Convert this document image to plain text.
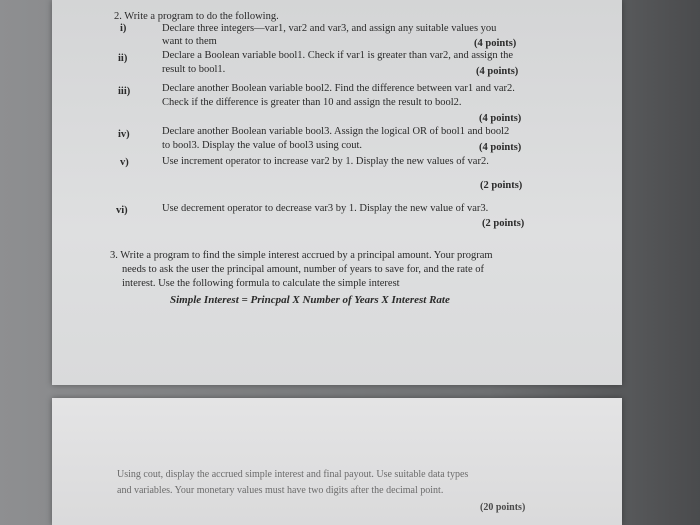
2. Write a program to do the following.
i)	Declare three integers—var1, var2 and var3, and assign any suitable values you
want to them	(4 points)
ii)	Declare a Boolean variable bool1. Check if var1 is greater than var2, and assign the
result to bool1.	(4 points)
iii)	Declare another Boolean variable bool2. Find the difference between var1 and var2.
Check if the difference is greater than 10 and assign the result to bool2.
(4 points)
iv)	Declare another Boolean variable bool3. Assign the logical OR of bool1 and bool2
to bool3. Display the value of bool3 using cout.	(4 points)
v)	Use increment operator to increase var2 by 1. Display the new values of var2.
(2 points)
vi)	Use decrement operator to decrease var3 by 1. Display the new value of var3.
(2 points)
3. Write a program to find the simple interest accrued by a principal amount. Your program
needs to ask the user the principal amount, number of years to save for, and the rate of
interest. Use the following formula to calculate the simple interest
Simple Interest = Princpal X Number of Years X Interest Rate
Using cout, display the accrued simple interest and final payout. Use suitable data types
and variables. Your monetary values must have two digits after the decimal point.
(20 points)
